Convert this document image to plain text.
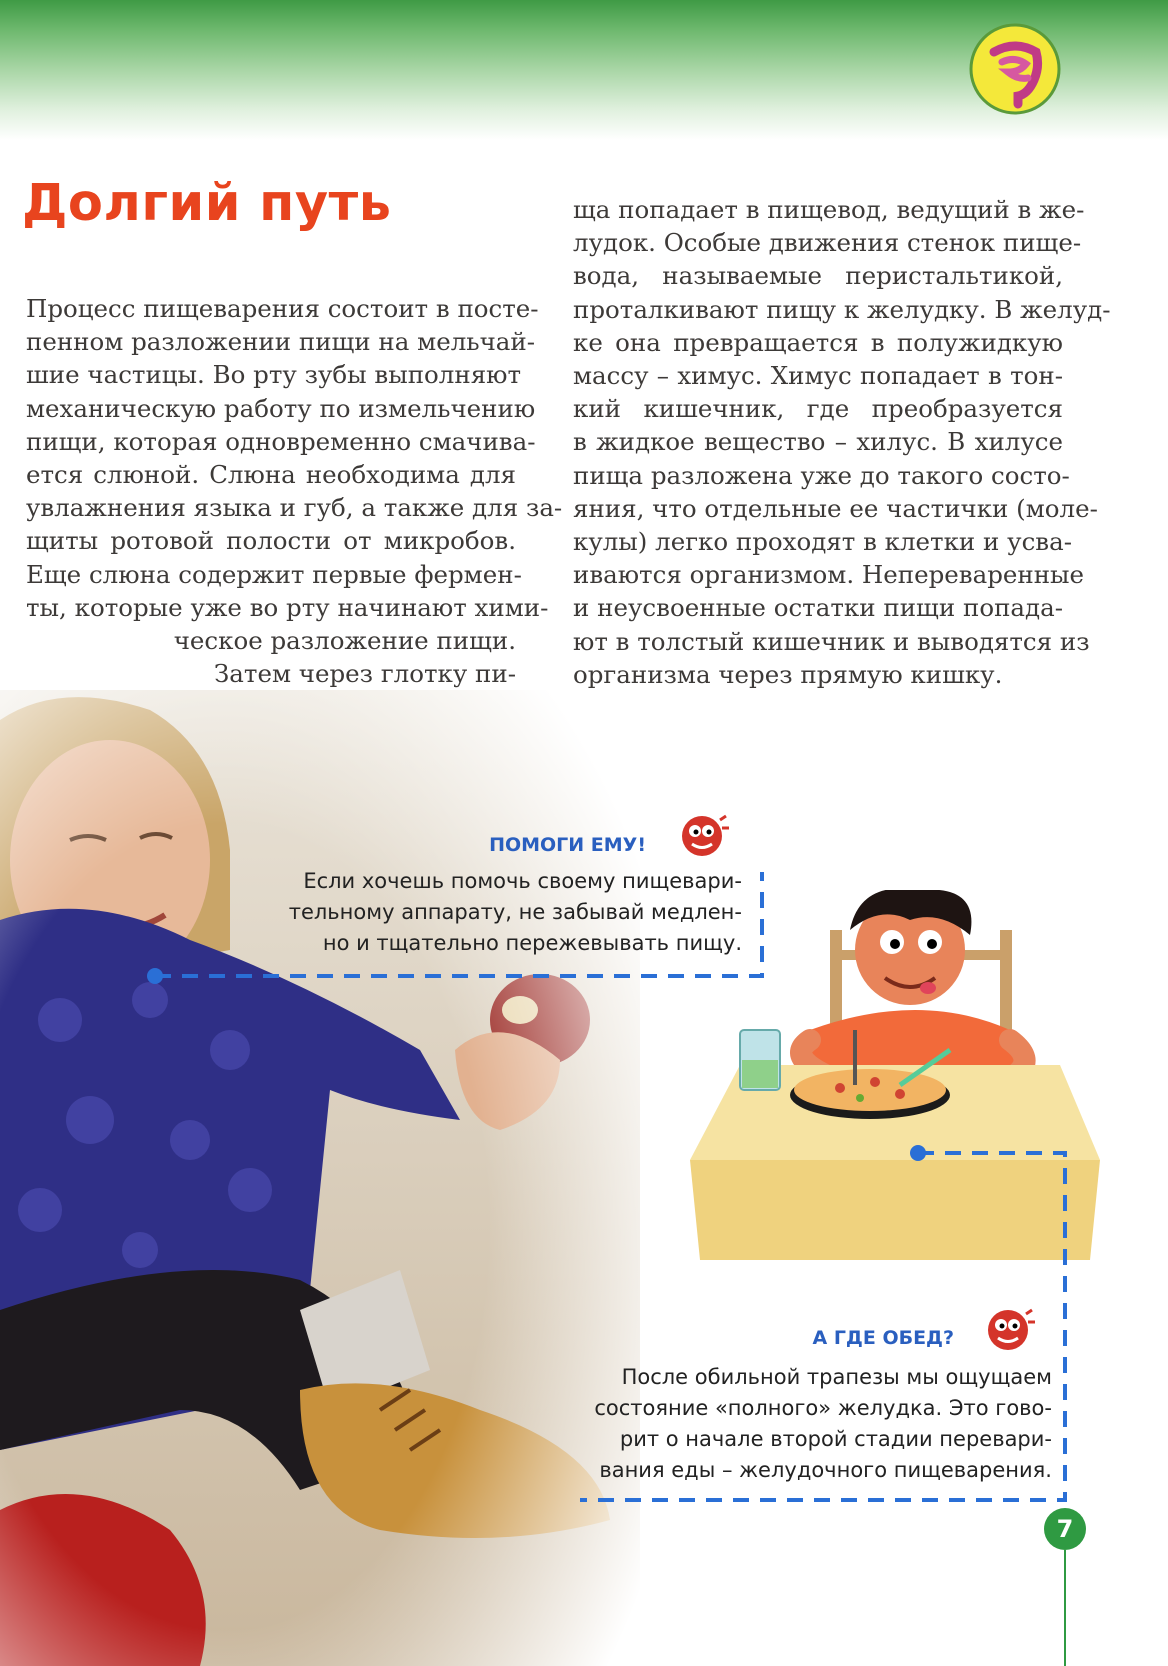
Долгий путь
Процесс пищеварения состоит в посте-
пенном разложении пищи на мельчай-
шие частицы. Во рту зубы выполняют
механическую работу по измельчению
пищи, которая одновременно смачива-
ется слюной. Слюна необходима для
увлажнения языка и губ, а также для за-
щиты ротовой полости от микробов.
Еще слюна содержит первые фермен-
ты, которые уже во рту начинают хими-
ческое разложение пищи.
Затем через глотку пи-
ща попадает в пищевод, ведущий в же-
лудок. Особые движения стенок пище-
вода, называемые перистальтикой,
проталкивают пищу к желудку. В желуд-
ке она превращается в полужидкую
массу – химус. Химус попадает в тон-
кий кишечник, где преобразуется
в жидкое вещество – хилус. В хилусе
пища разложена уже до такого состо-
яния, что отдельные ее частички (моле-
кулы) легко проходят в клетки и усва-
иваются организмом. Непереваренные
и неусвоенные остатки пищи попада-
ют в толстый кишечник и выводятся из
организма через прямую кишку.
ПОМОГИ ЕМУ!
Если хочешь помочь своему пищевари-
тельному аппарату, не забывай медлен-
но и тщательно пережевывать пищу.
А ГДЕ ОБЕД?
После обильной трапезы мы ощущаем
состояние «полного» желудка. Это гово-
рит о начале второй стадии перевари-
вания еды – желудочного пищеварения.
7
